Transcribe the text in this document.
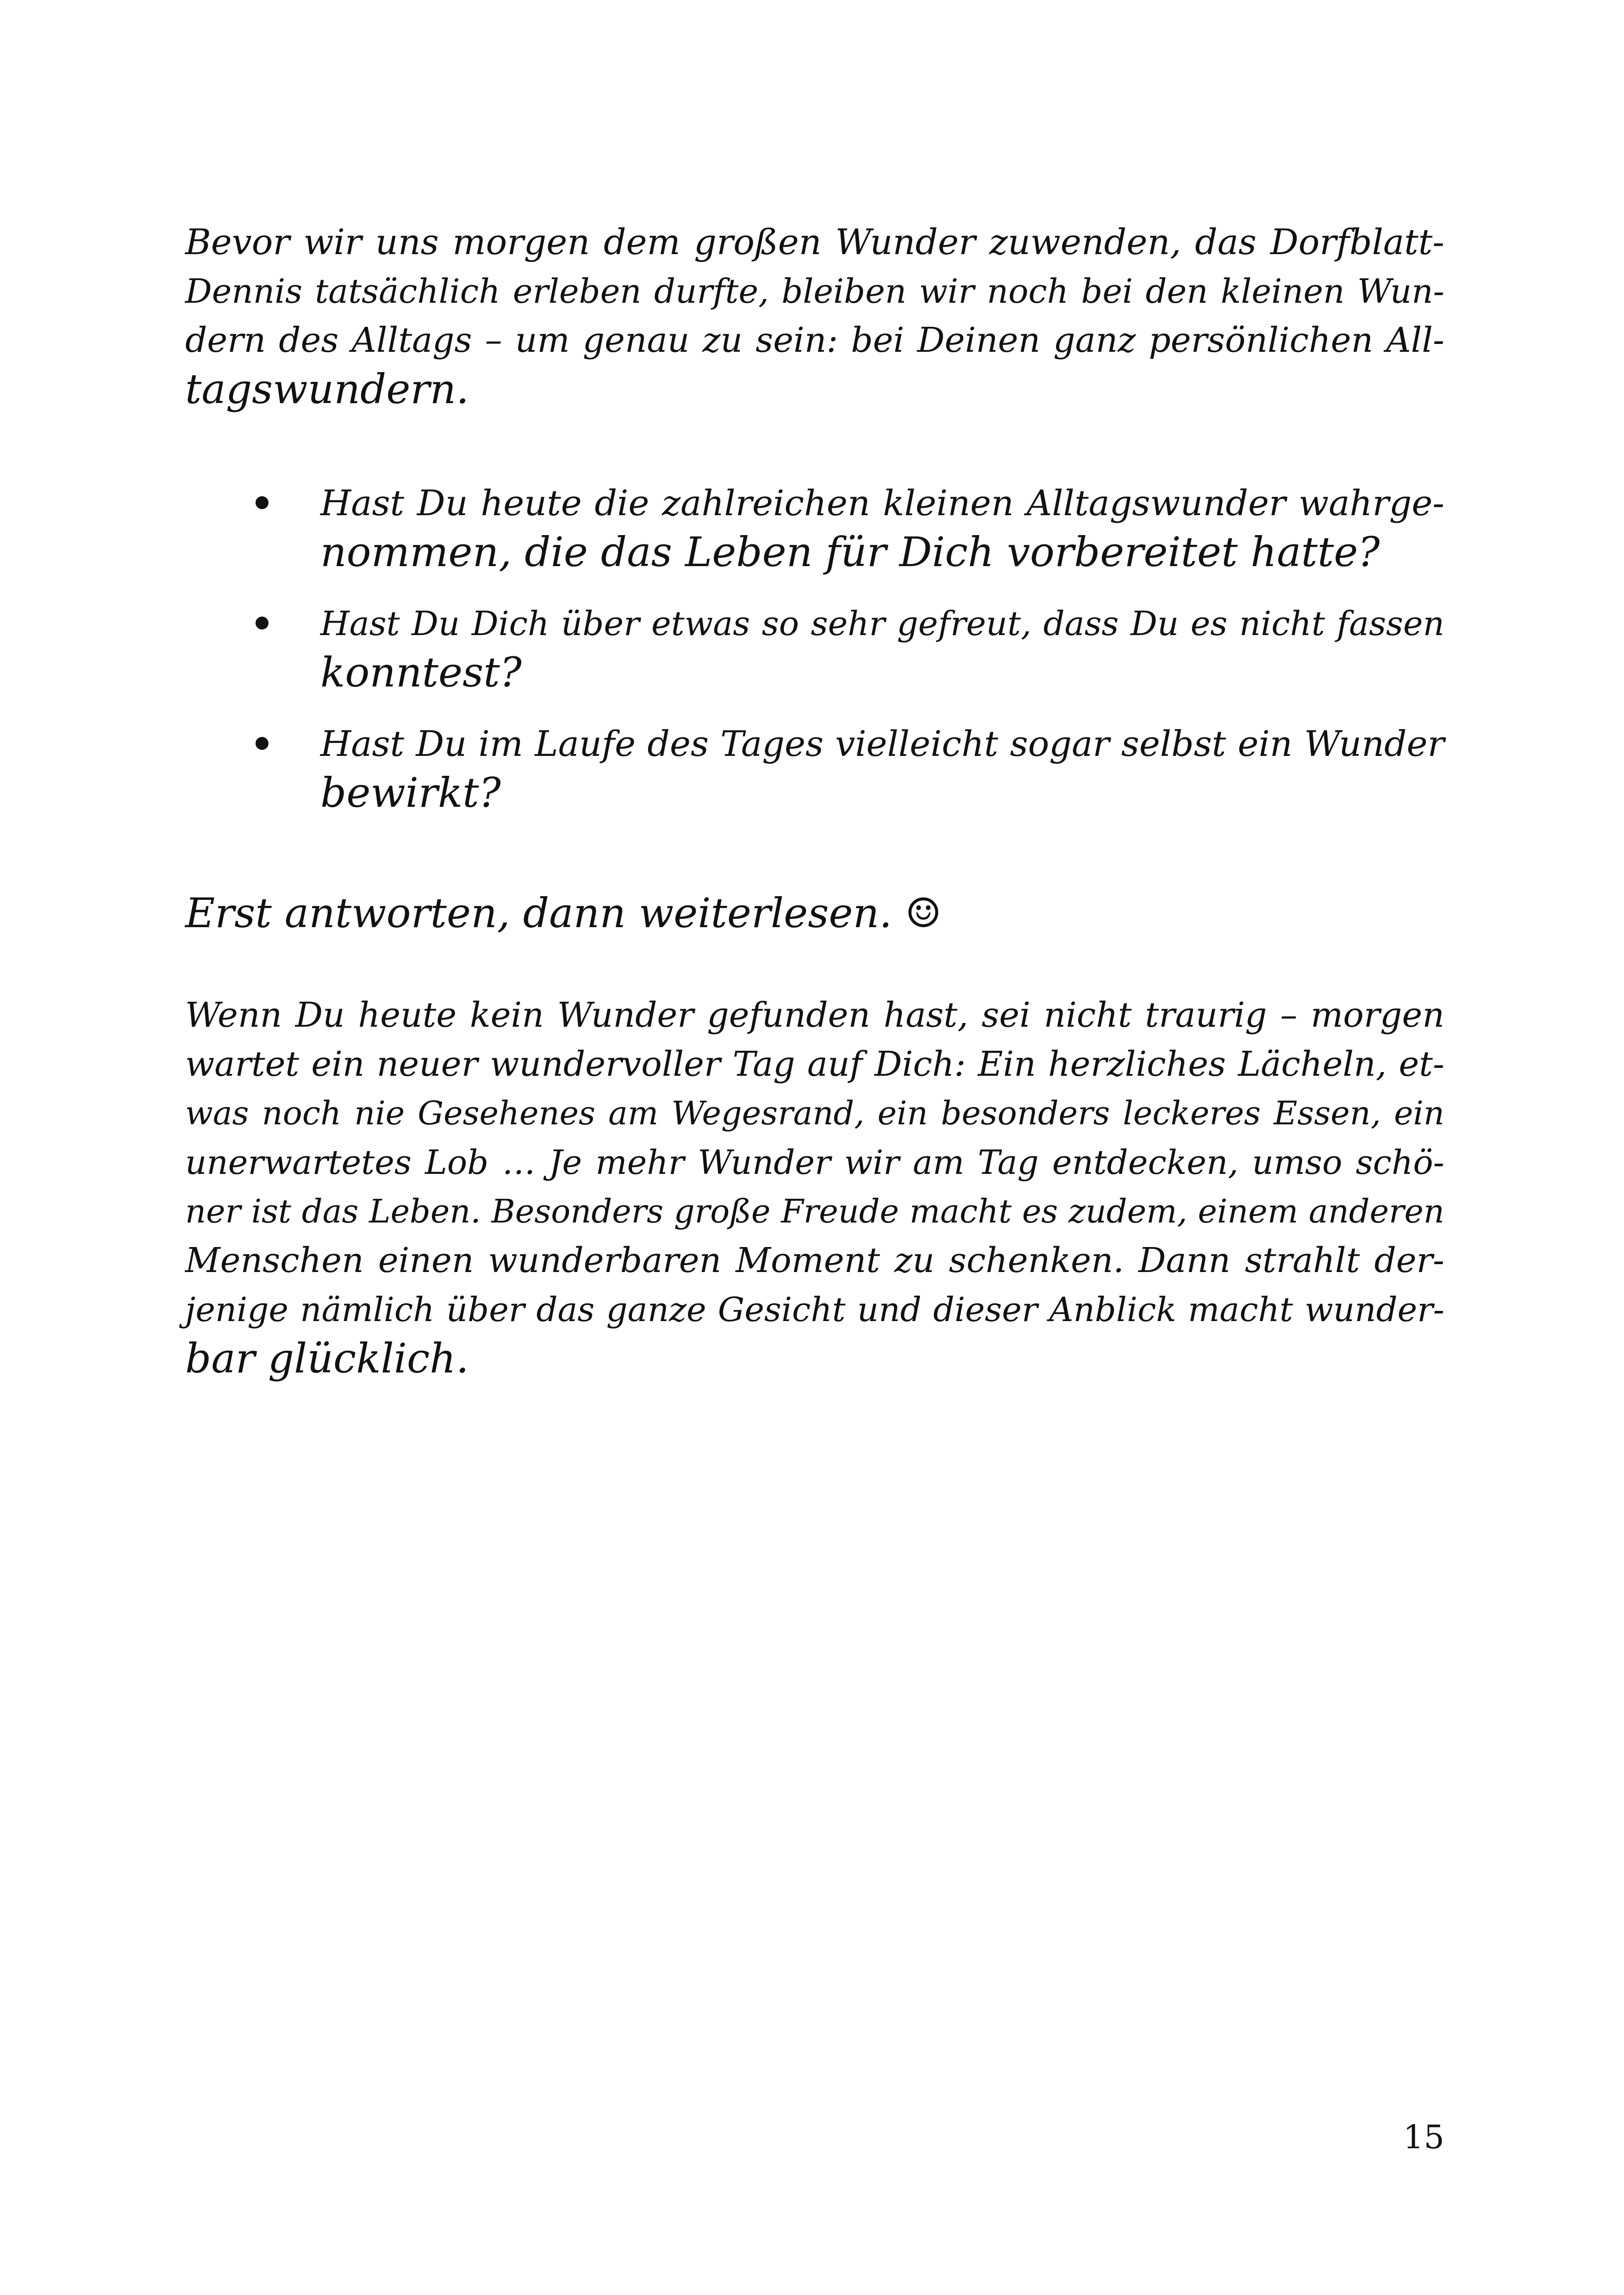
Bevor wir uns morgen dem großen Wunder zuwenden, das Dorfblatt-

Dennis tatsächlich erleben durfte, bleiben wir noch bei den kleinen Wun-

dern des Alltags – um genau zu sein: bei Deinen ganz persönlichen All-

tagswundern.

Hast Du heute die zahlreichen kleinen Alltagswunder wahrge-

nommen, die das Leben für Dich vorbereitet hatte?

Hast Du Dich über etwas so sehr gefreut, dass Du es nicht fassen

konntest?

Hast Du im Laufe des Tages vielleicht sogar selbst ein Wunder

bewirkt?

Erst antworten, dann weiterlesen. ☺

Wenn Du heute kein Wunder gefunden hast, sei nicht traurig – morgen

wartet ein neuer wundervoller Tag auf Dich: Ein herzliches Lächeln, et-

was noch nie Gesehenes am Wegesrand, ein besonders leckeres Essen, ein

unerwartetes Lob … Je mehr Wunder wir am Tag entdecken, umso schö-

ner ist das Leben. Besonders große Freude macht es zudem, einem anderen

Menschen einen wunderbaren Moment zu schenken. Dann strahlt der-

jenige nämlich über das ganze Gesicht und dieser Anblick macht wunder-

bar glücklich.

15
